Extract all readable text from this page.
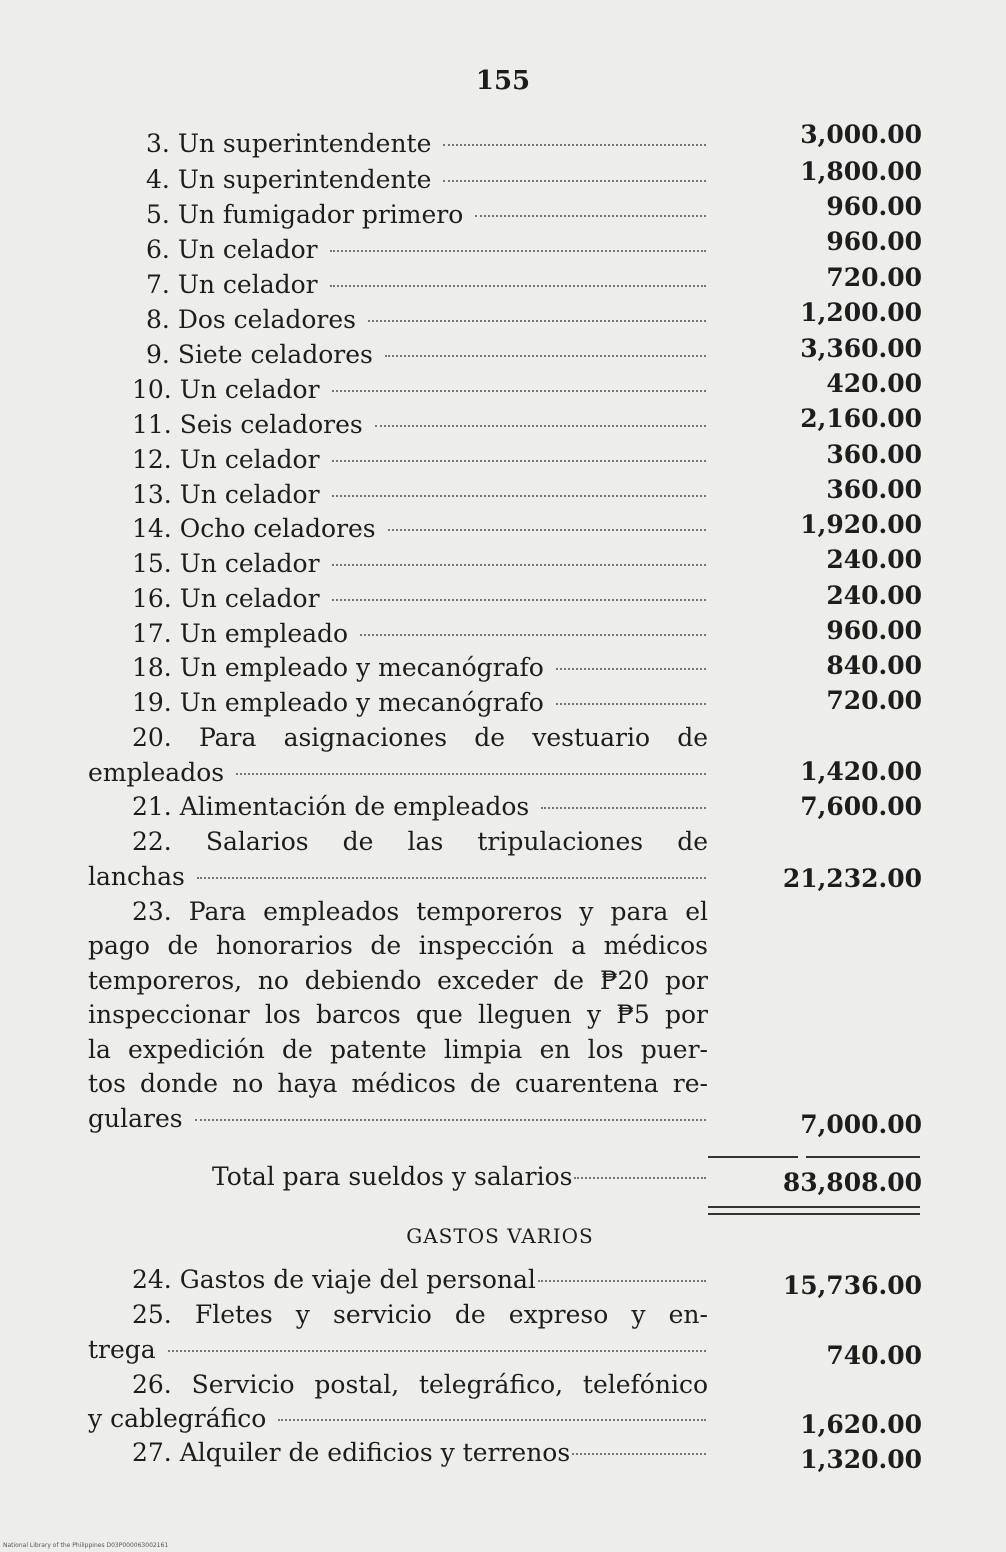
155
3. Un superintendente	3,000.00
4. Un superintendente	1,800.00
5. Un fumigador primero	960.00
6. Un celador	960.00
7. Un celador	720.00
8. Dos celadores	1,200.00
9. Siete celadores	3,360.00
10. Un celador	420.00
11. Seis celadores	2,160.00
12. Un celador	360.00
13. Un celador	360.00
14. Ocho celadores	1,920.00
15. Un celador	240.00
16. Un celador	240.00
17. Un empleado	960.00
18. Un empleado y mecanógrafo	840.00
19. Un empleado y mecanógrafo	720.00
20. Para asignaciones de vestuario de
empleados	1,420.00
21. Alimentación de empleados	7,600.00
22. Salarios de las tripulaciones de
lanchas	21,232.00
23. Para empleados temporeros y para el
pago de honorarios de inspección a médicos
temporeros, no debiendo exceder de ₱20 por
inspeccionar los barcos que lleguen y ₱5 por
la expedición de patente limpia en los puer-
tos donde no haya médicos de cuarentena re-
gulares	7,000.00
Total para sueldos y salarios	83,808.00
GASTOS VARIOS
24. Gastos de viaje del personal	15,736.00
25. Fletes y servicio de expreso y en-
trega	740.00
26. Servicio postal, telegráfico, telefónico
y cablegráfico	1,620.00
27. Alquiler de edificios y terrenos	1,320.00
National Library of the Philippines D03P000063002161
